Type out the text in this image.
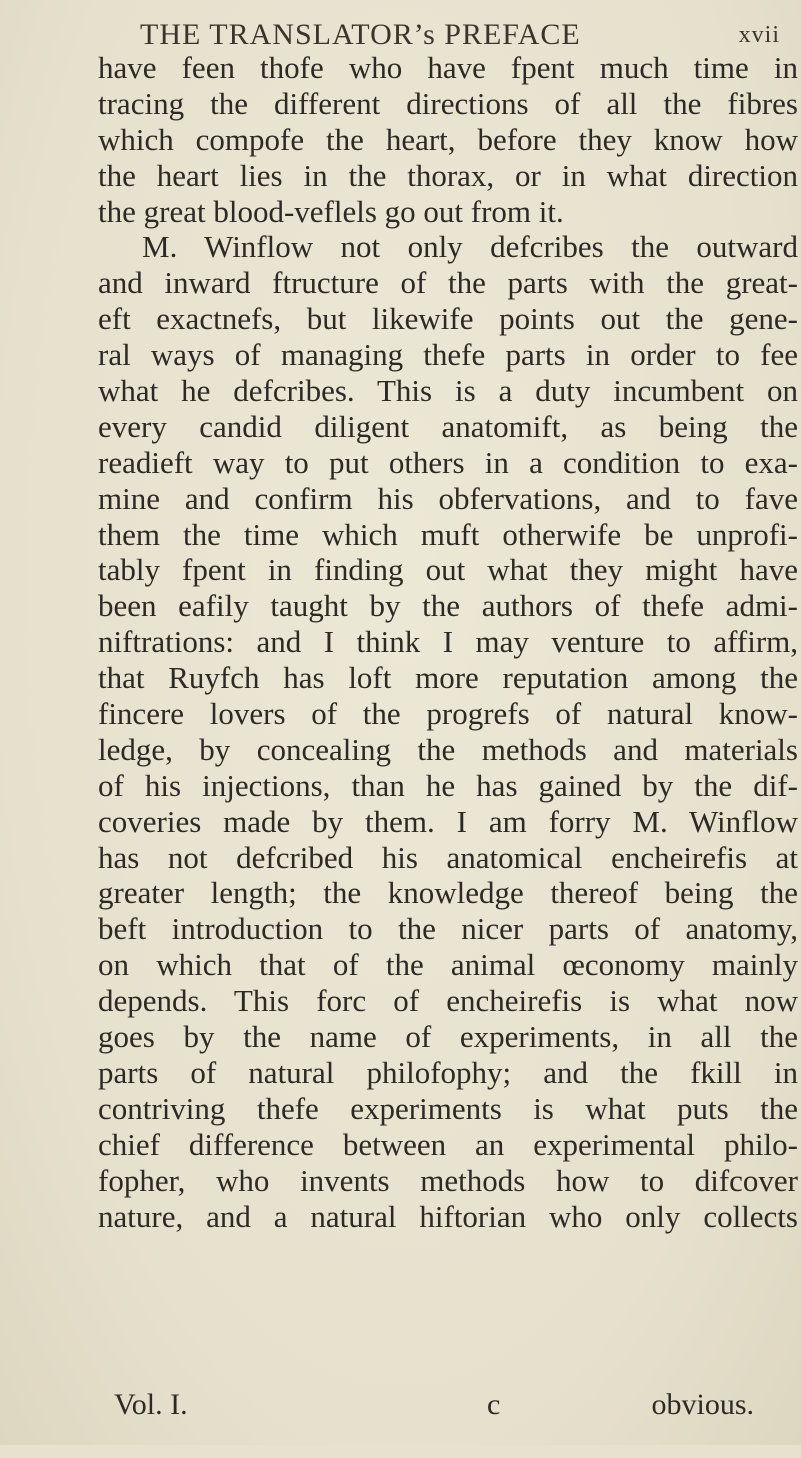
THE TRANSLATOR’s PREFACE	xvii
have feen thofe who have fpent much time in
tracing the different directions of all the fibres
which compofe the heart, before they know how
the heart lies in the thorax, or in what direction
the great blood-veflels go out from it.
M. Winflow not only defcribes the outward
and inward ftructure of the parts with the great-
eft exactnefs, but likewife points out the gene-
ral ways of managing thefe parts in order to fee
what he defcribes. This is a duty incumbent on
every candid diligent anatomift, as being the
readieft way to put others in a condition to exa-
mine and confirm his obfervations, and to fave
them the time which muft otherwife be unprofi-
tably fpent in finding out what they might have
been eafily taught by the authors of thefe admi-
niftrations: and I think I may venture to affirm,
that Ruyfch has loft more reputation among the
fincere lovers of the progrefs of natural know-
ledge, by concealing the methods and materials
of his injections, than he has gained by the dif-
coveries made by them. I am forry M. Winflow
has not defcribed his anatomical encheirefis at
greater length; the knowledge thereof being the
beft introduction to the nicer parts of anatomy,
on which that of the animal œconomy mainly
depends. This forc of encheirefis is what now
goes by the name of experiments, in all the
parts of natural philofophy; and the fkill in
contriving thefe experiments is what puts the
chief difference between an experimental philo-
fopher, who invents methods how to difcover
nature, and a natural hiftorian who only collects
Vol. I.	c	obvious.
